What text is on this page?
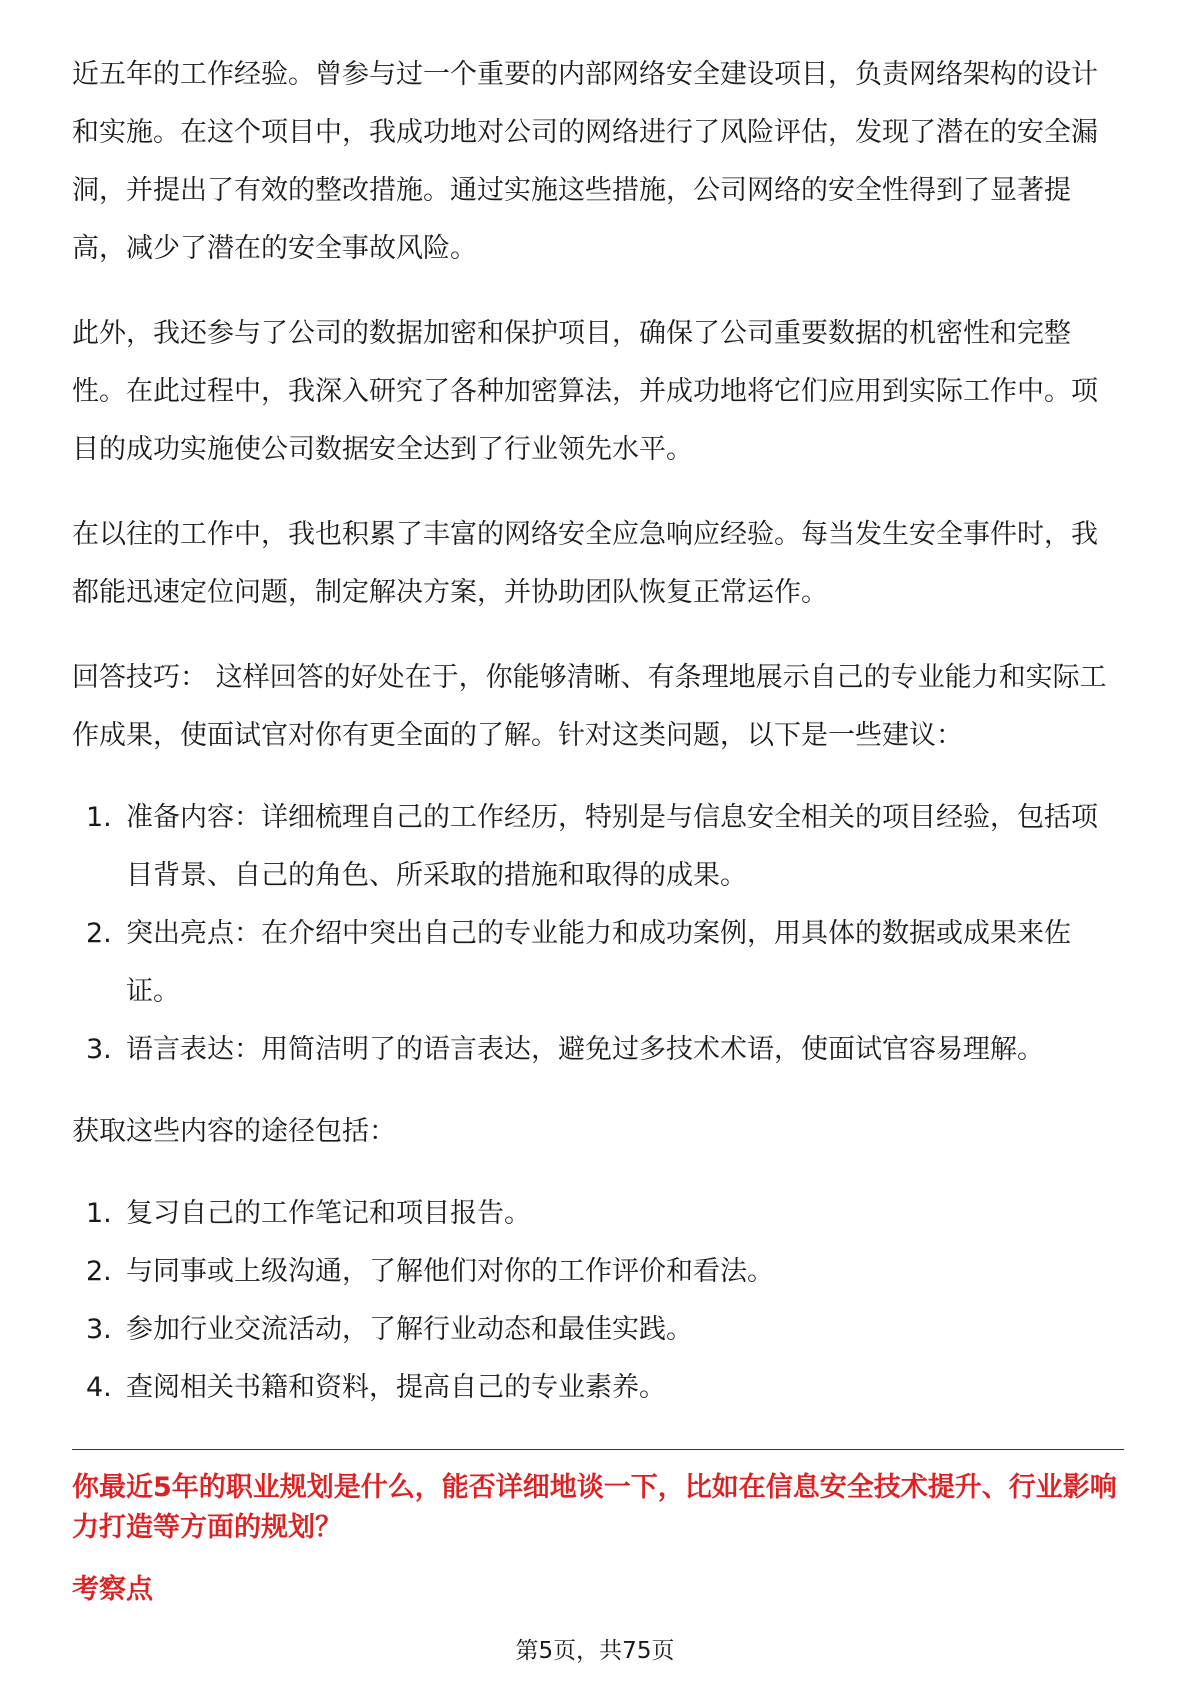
近五年的工作经验。曾参与过一个重要的内部网络安全建设项目，负责网络架构的设计和实施。在这个项目中，我成功地对公司的网络进行了风险评估，发现了潜在的安全漏洞，并提出了有效的整改措施。通过实施这些措施，公司网络的安全性得到了显著提高，减少了潜在的安全事故风险。

此外，我还参与了公司的数据加密和保护项目，确保了公司重要数据的机密性和完整性。在此过程中，我深入研究了各种加密算法，并成功地将它们应用到实际工作中。项目的成功实施使公司数据安全达到了行业领先水平。

在以往的工作中，我也积累了丰富的网络安全应急响应经验。每当发生安全事件时，我都能迅速定位问题，制定解决方案，并协助团队恢复正常运作。

回答技巧： 这样回答的好处在于，你能够清晰、有条理地展示自己的专业能力和实际工作成果，使面试官对你有更全面的了解。针对这类问题，以下是一些建议：

1. 准备内容：详细梳理自己的工作经历，特别是与信息安全相关的项目经验，包括项目背景、自己的角色、所采取的措施和取得的成果。
2. 突出亮点：在介绍中突出自己的专业能力和成功案例，用具体的数据或成果来佐证。
3. 语言表达：用简洁明了的语言表达，避免过多技术术语，使面试官容易理解。

获取这些内容的途径包括：

1. 复习自己的工作笔记和项目报告。
2. 与同事或上级沟通，了解他们对你的工作评价和看法。
3. 参加行业交流活动，了解行业动态和最佳实践。
4. 查阅相关书籍和资料，提高自己的专业素养。

你最近5年的职业规划是什么，能否详细地谈一下，比如在信息安全技术提升、行业影响力打造等方面的规划？

考察点

第5页，共75页
